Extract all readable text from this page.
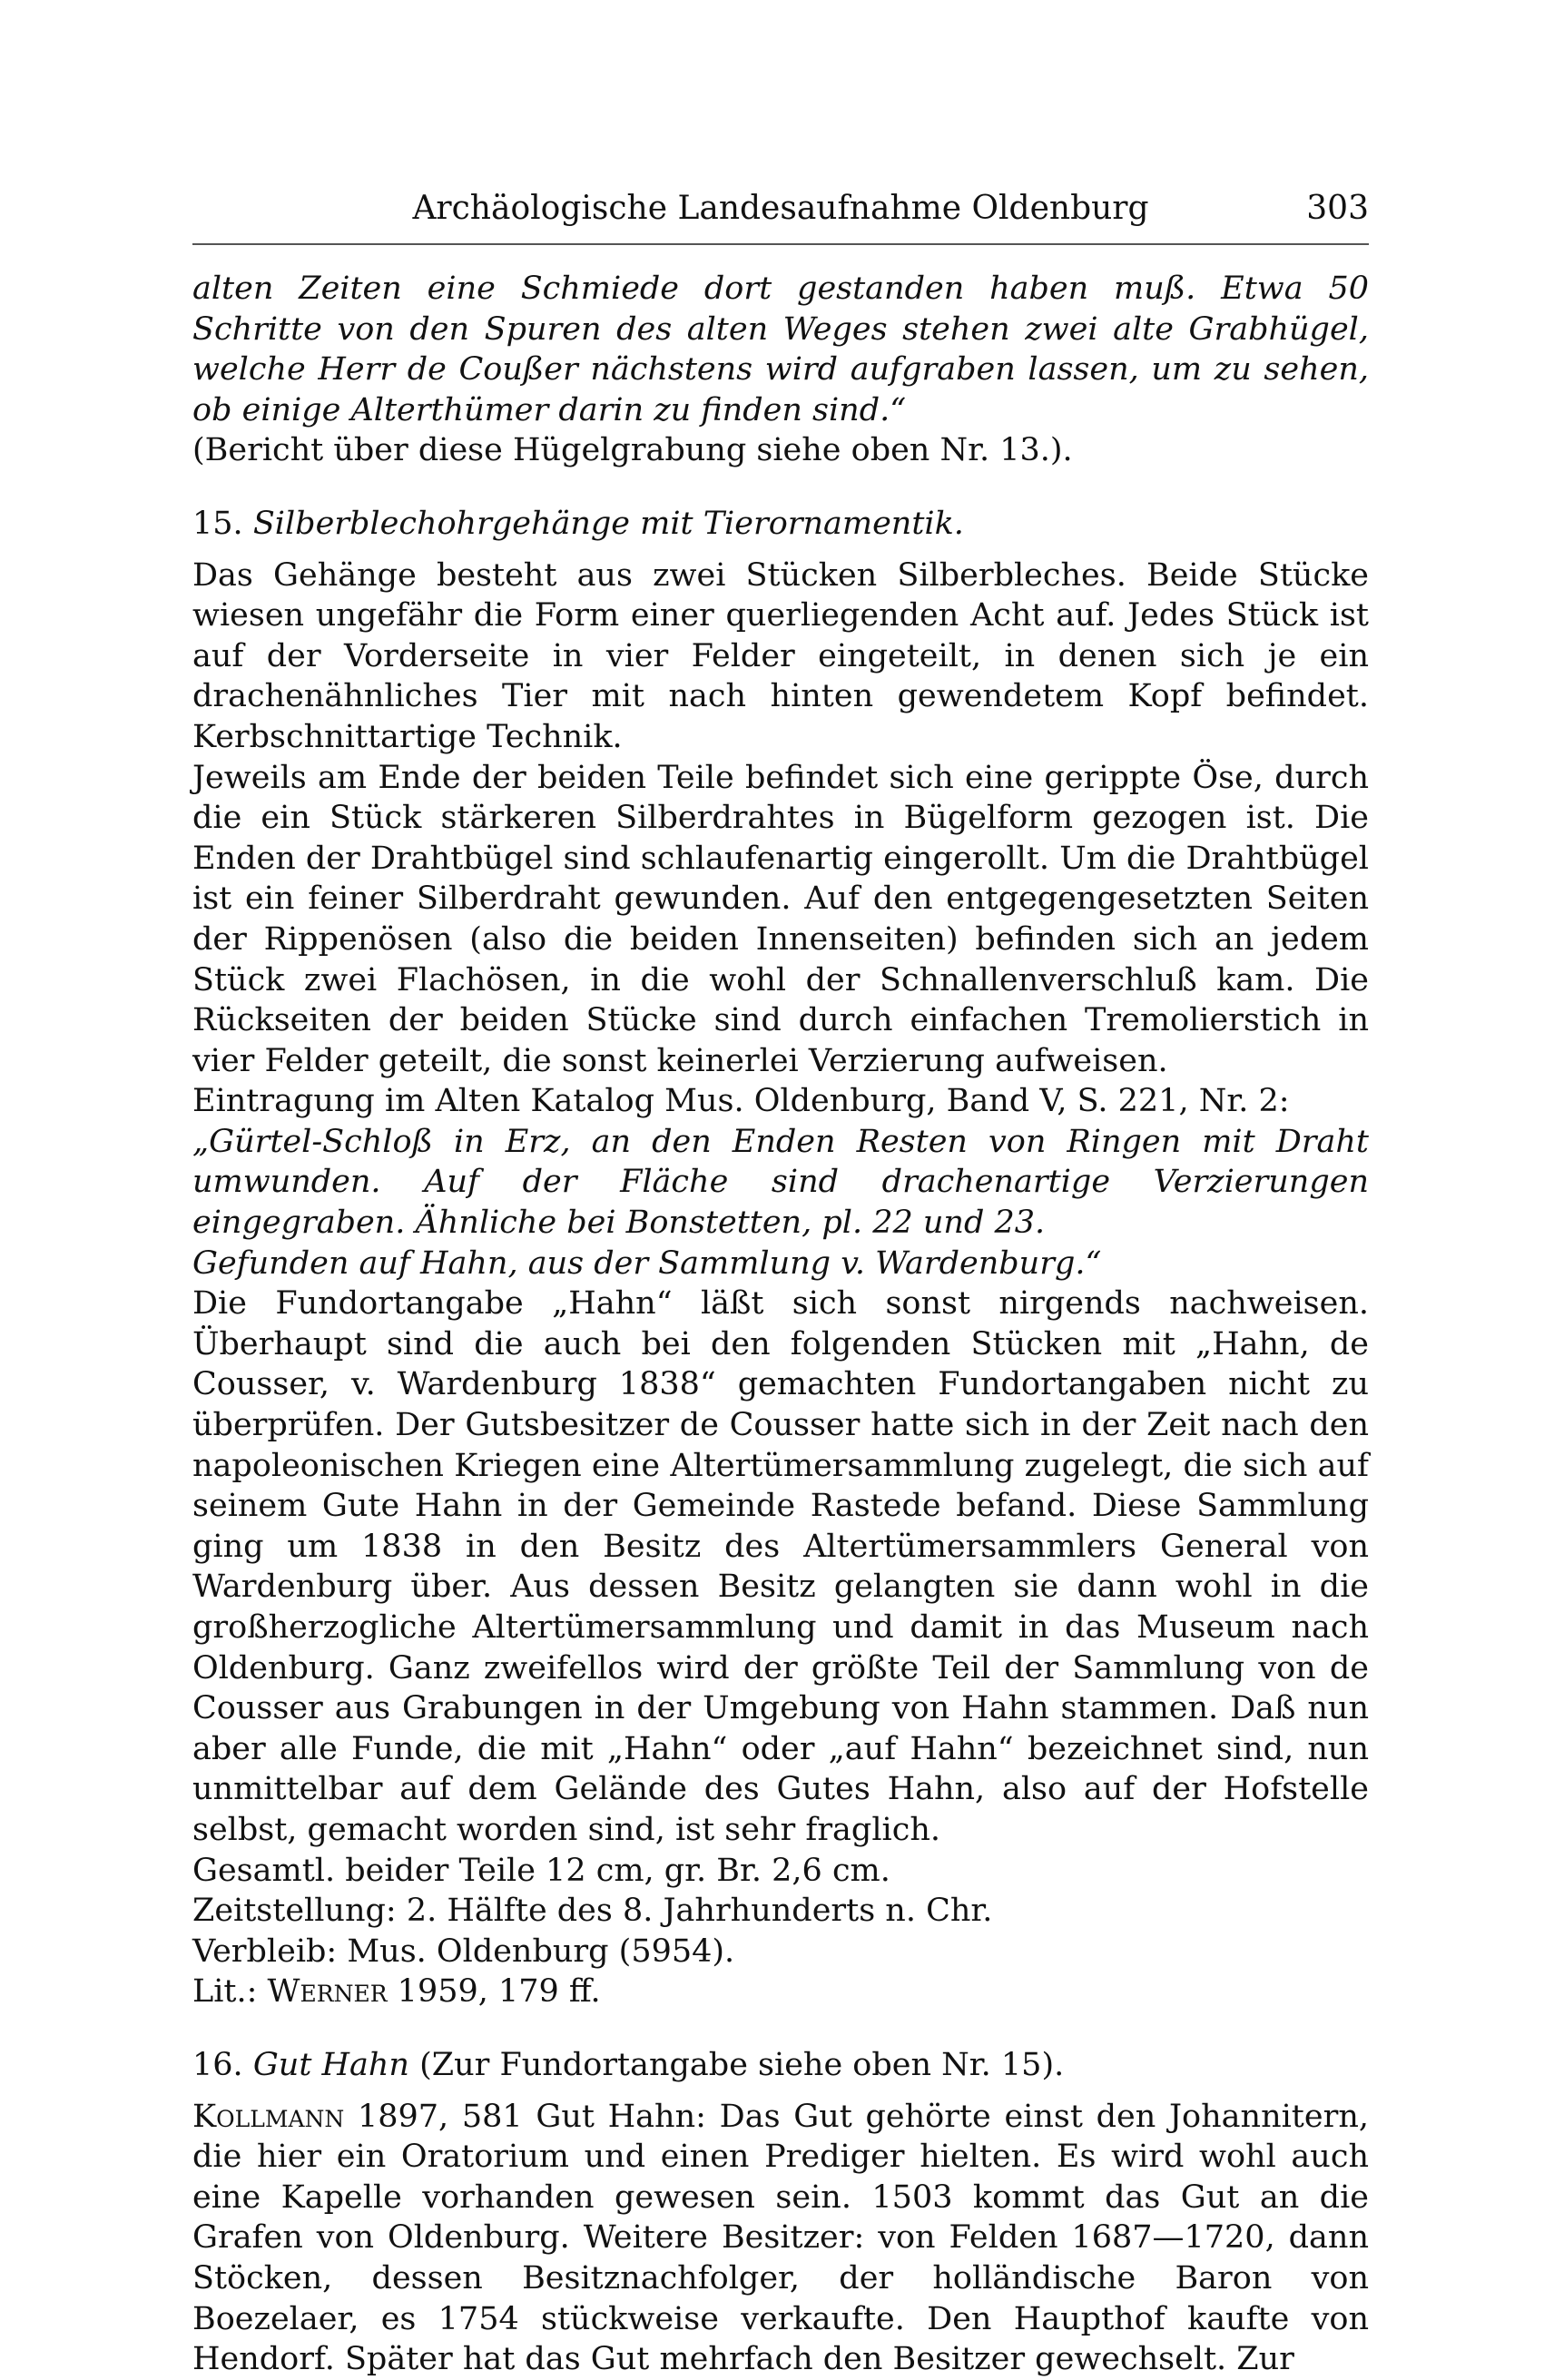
Archäologische Landesaufnahme Oldenburg	303

alten Zeiten eine Schmiede dort gestanden haben muß. Etwa 50 Schritte von den Spuren des alten Weges stehen zwei alte Grabhügel, welche Herr de Coußer nächstens wird aufgraben lassen, um zu sehen, ob einige Alterthümer darin zu finden sind.“

(Bericht über diese Hügelgrabung siehe oben Nr. 13.).

15. Silberblechohrgehänge mit Tierornamentik.

Das Gehänge besteht aus zwei Stücken Silberbleches. Beide Stücke wiesen ungefähr die Form einer querliegenden Acht auf. Jedes Stück ist auf der Vorderseite in vier Felder eingeteilt, in denen sich je ein drachenähnliches Tier mit nach hinten gewendetem Kopf befindet. Kerbschnittartige Technik.

Jeweils am Ende der beiden Teile befindet sich eine gerippte Öse, durch die ein Stück stärkeren Silberdrahtes in Bügelform gezogen ist. Die Enden der Drahtbügel sind schlaufenartig eingerollt. Um die Drahtbügel ist ein feiner Silberdraht gewunden. Auf den entgegengesetzten Seiten der Rippenösen (also die beiden Innenseiten) befinden sich an jedem Stück zwei Flachösen, in die wohl der Schnallenverschluß kam. Die Rückseiten der beiden Stücke sind durch einfachen Tremolierstich in vier Felder geteilt, die sonst keinerlei Verzierung aufweisen.

Eintragung im Alten Katalog Mus. Oldenburg, Band V, S. 221, Nr. 2:

„Gürtel-Schloß in Erz, an den Enden Resten von Ringen mit Draht umwunden. Auf der Fläche sind drachenartige Verzierungen eingegraben. Ähnliche bei Bonstetten, pl. 22 und 23.

Gefunden auf Hahn, aus der Sammlung v. Wardenburg.“

Die Fundortangabe „Hahn“ läßt sich sonst nirgends nachweisen. Überhaupt sind die auch bei den folgenden Stücken mit „Hahn, de Cousser, v. Wardenburg 1838“ gemachten Fundortangaben nicht zu überprüfen. Der Gutsbesitzer de Cousser hatte sich in der Zeit nach den napoleonischen Kriegen eine Altertümersammlung zugelegt, die sich auf seinem Gute Hahn in der Gemeinde Rastede befand. Diese Sammlung ging um 1838 in den Besitz des Altertümersammlers General von Wardenburg über. Aus dessen Besitz gelangten sie dann wohl in die großherzogliche Altertümersammlung und damit in das Museum nach Oldenburg. Ganz zweifellos wird der größte Teil der Sammlung von de Cousser aus Grabungen in der Umgebung von Hahn stammen. Daß nun aber alle Funde, die mit „Hahn“ oder „auf Hahn“ bezeichnet sind, nun unmittelbar auf dem Gelände des Gutes Hahn, also auf der Hofstelle selbst, gemacht worden sind, ist sehr fraglich.

Gesamtl. beider Teile 12 cm, gr. Br. 2,6 cm.

Zeitstellung: 2. Hälfte des 8. Jahrhunderts n. Chr.

Verbleib: Mus. Oldenburg (5954).

Lit.: Werner 1959, 179 ff.

16. Gut Hahn (Zur Fundortangabe siehe oben Nr. 15).

Kollmann 1897, 581 Gut Hahn: Das Gut gehörte einst den Johannitern, die hier ein Oratorium und einen Prediger hielten. Es wird wohl auch eine Kapelle vorhanden gewesen sein. 1503 kommt das Gut an die Grafen von Oldenburg. Weitere Besitzer: von Felden 1687—1720, dann Stöcken, dessen Besitznachfolger, der holländische Baron von Boezelaer, es 1754 stückweise verkaufte. Den Haupthof kaufte von Hendorf. Später hat das Gut mehrfach den Besitzer gewechselt. Zur
